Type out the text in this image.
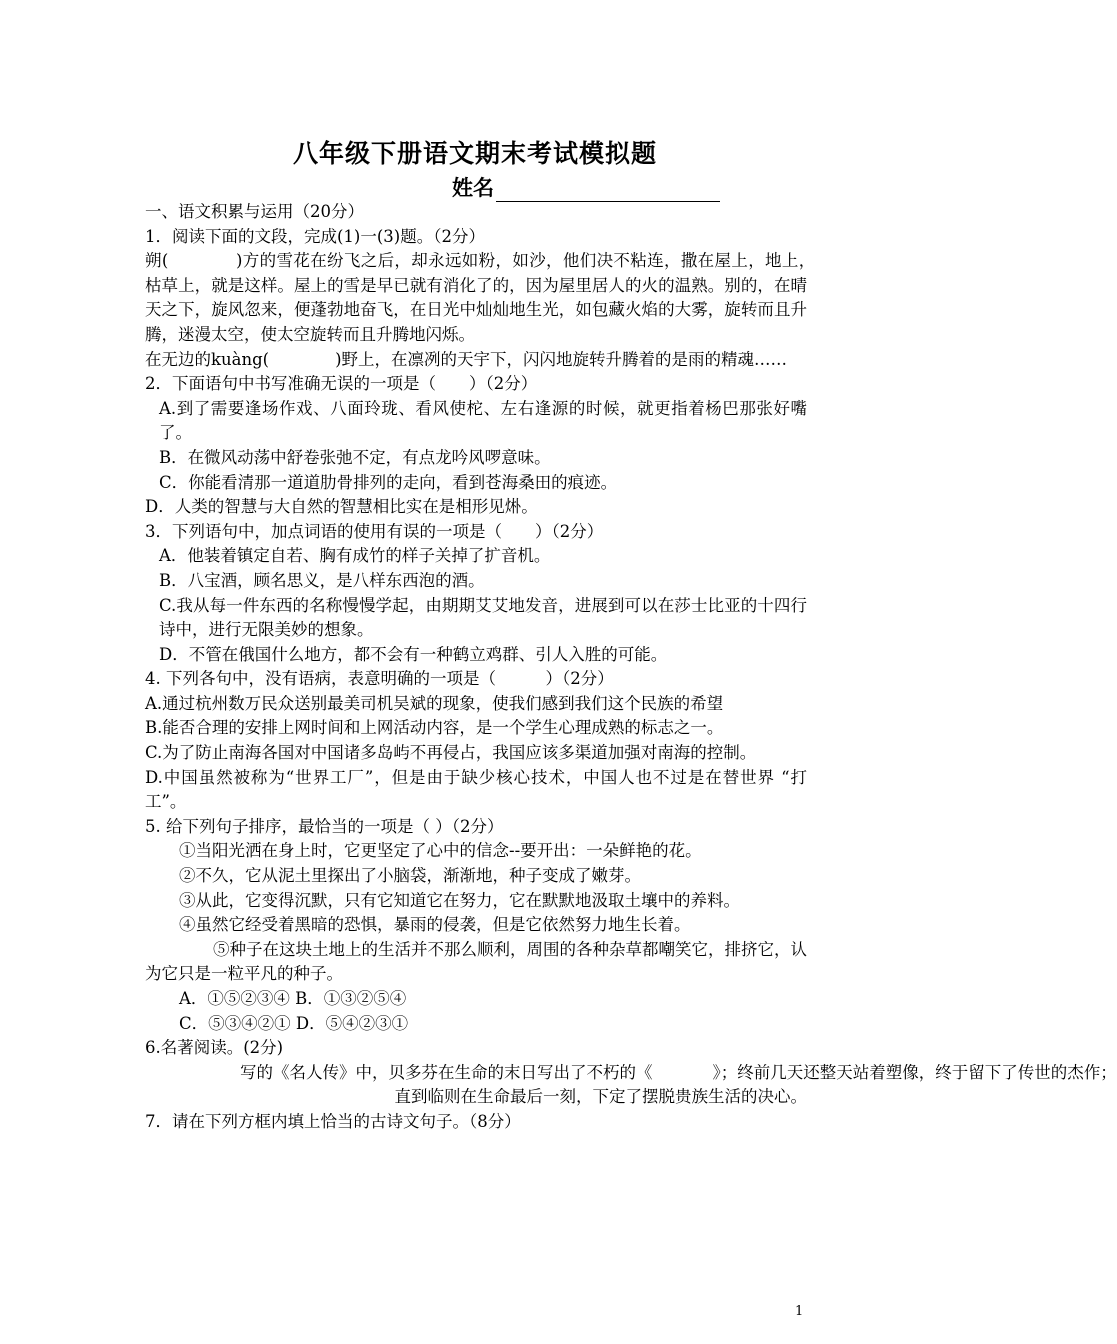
八年级下册语文期末考试模拟题
姓名
一、语文积累与运用（20分）
1．阅读下面的文段，完成(1)一(3)题。（2分）
朔(　　　　)方的雪花在纷飞之后，却永远如粉，如沙，他们决不粘连，撒在屋上，地上，　枯草上，就是这样。屋上的雪是早已就有消化了的，因为屋里居人的火的温熟。别的，在晴天之下，旋风忽来，便蓬勃地奋飞，在日光中灿灿地生光，如包藏火焰的大雾，旋转而且升腾，迷漫太空，使太空旋转而且升腾地闪烁。
在无边的kuàng(　　　　)野上，在凛冽的天宇下，闪闪地旋转升腾着的是雨的精魂……
2．下面语句中书写准确无误的一项是（　　）（2分）
A.到了需要逢场作戏、八面玲珑、看风使柁、左右逢源的时候，就更指着杨巴那张好嘴了。
B．在微风动荡中舒卷张弛不定，有点龙吟风啰意味。
C．你能看清那一道道肋骨排列的走向，看到苍海桑田的痕迹。
D．人类的智慧与大自然的智慧相比实在是相形见烞。
3．下列语句中，加点词语的使用有误的一项是（　　）（2分）
A．他装着镇定自若、胸有成竹的样子关掉了扩音机。
B．八宝酒，顾名思义，是八样东西泡的酒。
C.我从每一件东西的名称慢慢学起，由期期艾艾地发音，进展到可以在莎士比亚的十四行诗中，进行无限美妙的想象。
D．不管在俄国什么地方，都不会有一种鹤立鸡群、引人入胜的可能。
4. 下列各句中，没有语病，表意明确的一项是（　　　）（2分）
A.通过杭州数万民众送别最美司机吴斌的现象，使我们感到我们这个民族的希望
B.能否合理的安排上网时间和上网活动内容，是一个学生心理成熟的标志之一。
C.为了防止南海各国对中国诸多岛屿不再侵占，我国应该多渠道加强对南海的控制。
D.中国虽然被称为“世界工厂”，但是由于缺少核心技术，中国人也不过是在替世界 “打工”。
5. 给下列句子排序，最恰当的一项是（ ）（2分）
①当阳光洒在身上时，它更坚定了心中的信念--要开出：一朵鲜艳的花。
②不久，它从泥土里探出了小脑袋，渐渐地，种子变成了嫩芽。
③从此，它变得沉默，只有它知道它在努力，它在默默地汲取土壤中的养料。
④虽然它经受着黑暗的恐惧，暴雨的侵袭，但是它依然努力地生长着。
⑤种子在这块土地上的生活并不那么顺利，周围的各种杂草都嘲笑它，排挤它，认为它只是一粒平凡的种子。
A．①⑤②③④ B．①③②⑤④
C．⑤③④②① D．⑤④②③①
6.名著阅读。(2分)
写的《名人传》中，贝多芬在生命的末日写出了不朽的《	》；终前几天还整天站着塑像，终于留下了传世的杰作；
直到临则在生命最后一刻，下定了摆脱贵族生活的决心。
7．请在下列方框内填上恰当的古诗文句子。（8分）
1
